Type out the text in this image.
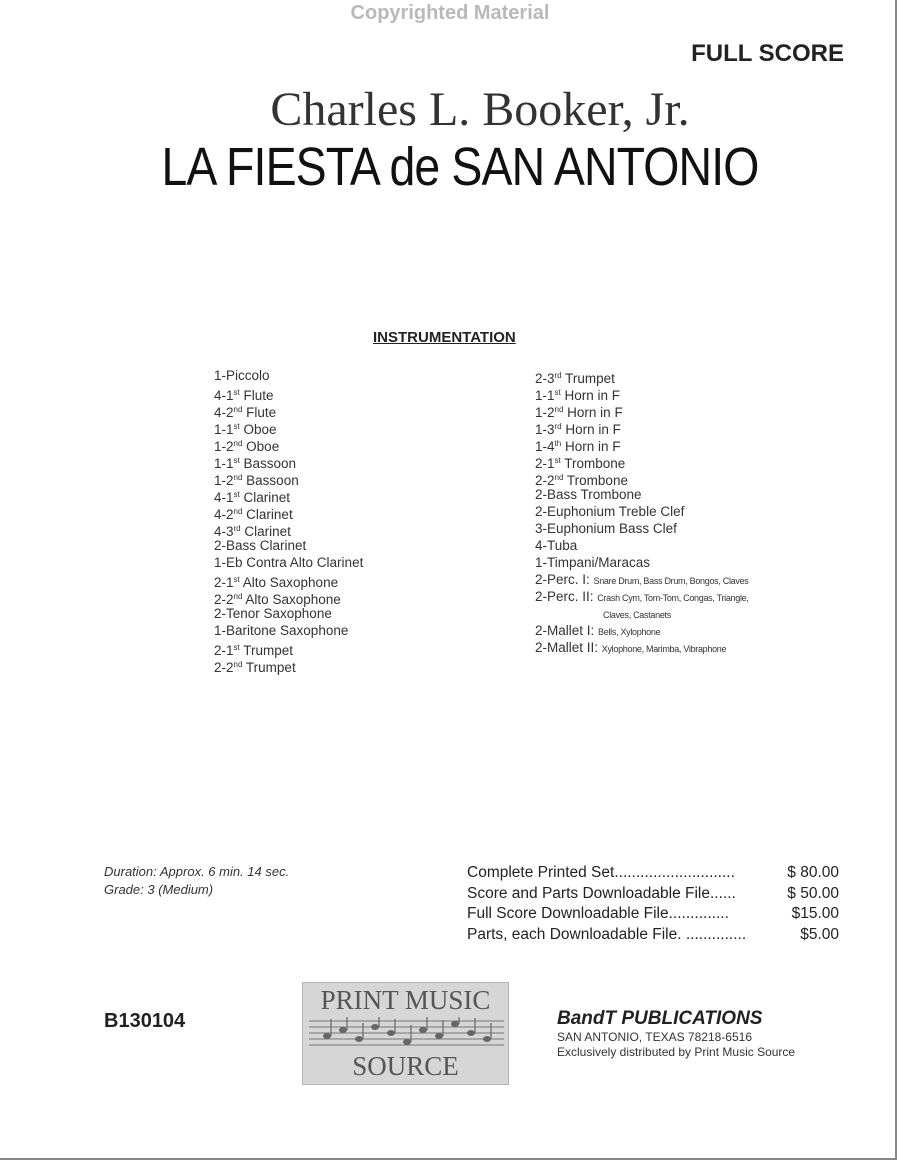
Copyrighted Material
FULL SCORE
Charles L. Booker, Jr.
LA FIESTA de SAN ANTONIO
INSTRUMENTATION
1-Piccolo
4-1st Flute
4-2nd Flute
1-1st Oboe
1-2nd Oboe
1-1st Bassoon
1-2nd Bassoon
4-1st Clarinet
4-2nd Clarinet
4-3rd Clarinet
2-Bass Clarinet
1-Eb Contra Alto Clarinet
2-1st Alto Saxophone
2-2nd Alto Saxophone
2-Tenor Saxophone
1-Baritone Saxophone
2-1st Trumpet
2-2nd Trumpet
2-3rd Trumpet
1-1st Horn in F
1-2nd Horn in F
1-3rd Horn in F
1-4th Horn in F
2-1st Trombone
2-2nd Trombone
2-Bass Trombone
2-Euphonium Treble Clef
3-Euphonium Bass Clef
4-Tuba
1-Timpani/Maracas
2-Perc. I: Snare Drum, Bass Drum, Bongos, Claves
2-Perc. II: Crash Cym, Tom-Tom, Congas, Triangle,
Claves, Castanets
2-Mallet I: Bells, Xylophone
2-Mallet II: Xylophone, Marimba, Vibraphone
Duration: Approx. 6 min. 14 sec.
Grade: 3 (Medium)
Complete Printed Set............................	$ 80.00
Score and Parts Downloadable File......	$ 50.00
Full Score Downloadable File..............	$15.00
Parts, each Downloadable File. ..............	$5.00
B130104
PRINT MUSIC
SOURCE
BandT PUBLICATIONS
SAN ANTONIO, TEXAS 78218-6516
Exclusively distributed by Print Music Source
